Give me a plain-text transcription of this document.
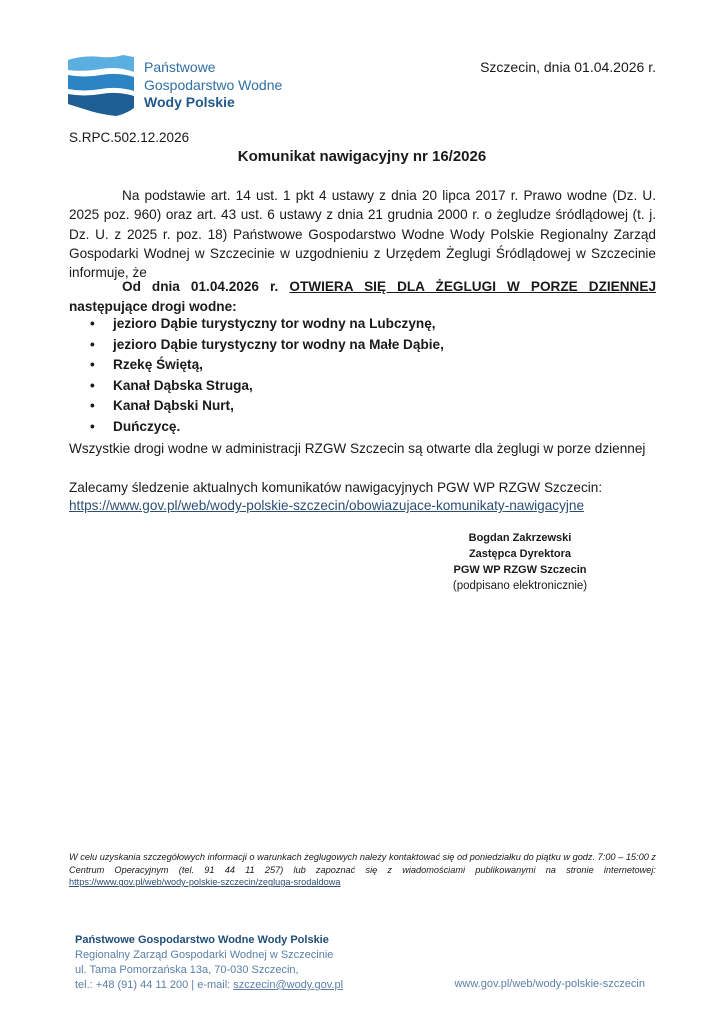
Państwowe
Gospodarstwo Wodne
Wody Polskie
Szczecin, dnia 01.04.2026 r.
S.RPC.502.12.2026
Komunikat nawigacyjny nr 16/2026
Na podstawie art. 14 ust. 1 pkt 4 ustawy z dnia 20 lipca 2017 r. Prawo wodne (Dz. U. 2025 poz. 960) oraz art. 43 ust. 6 ustawy z dnia 21 grudnia 2000 r. o żegludze śródlądowej (t. j. Dz. U. z 2025 r. poz. 18) Państwowe Gospodarstwo Wodne Wody Polskie Regionalny Zarząd Gospodarki Wodnej w Szczecinie w uzgodnieniu z Urzędem Żeglugi Śródlądowej w Szczecinie informuje, że
Od dnia 01.04.2026 r. OTWIERA SIĘ DLA ŻEGLUGI W PORZE DZIENNEJ następujące drogi wodne:
• jezioro Dąbie turystyczny tor wodny na Lubczynę,
• jezioro Dąbie turystyczny tor wodny na Małe Dąbie,
• Rzekę Świętą,
• Kanał Dąbska Struga,
• Kanał Dąbski Nurt,
• Duńczycę.
Wszystkie drogi wodne w administracji RZGW Szczecin są otwarte dla żeglugi w porze dziennej
Zalecamy śledzenie aktualnych komunikatów nawigacyjnych PGW WP RZGW Szczecin:
https://www.gov.pl/web/wody-polskie-szczecin/obowiazujace-komunikaty-nawigacyjne
Bogdan Zakrzewski
Zastępca Dyrektora
PGW WP RZGW Szczecin
(podpisano elektronicznie)
W celu uzyskania szczegółowych informacji o warunkach żeglugowych należy kontaktować się od poniedziałku do piątku w godz. 7:00 – 15:00 z Centrum Operacyjnym (tel. 91 44 11 257) lub zapoznać się z wiadomościami publikowanymi na stronie internetowej: https://www.gov.pl/web/wody-polskie-szczecin/zegluga-srodaldowa
Państwowe Gospodarstwo Wodne Wody Polskie
Regionalny Zarząd Gospodarki Wodnej w Szczecinie
ul. Tama Pomorzańska 13a, 70-030 Szczecin,
tel.: +48 (91) 44 11 200 | e-mail: szczecin@wody.gov.pl	www.gov.pl/web/wody-polskie-szczecin
